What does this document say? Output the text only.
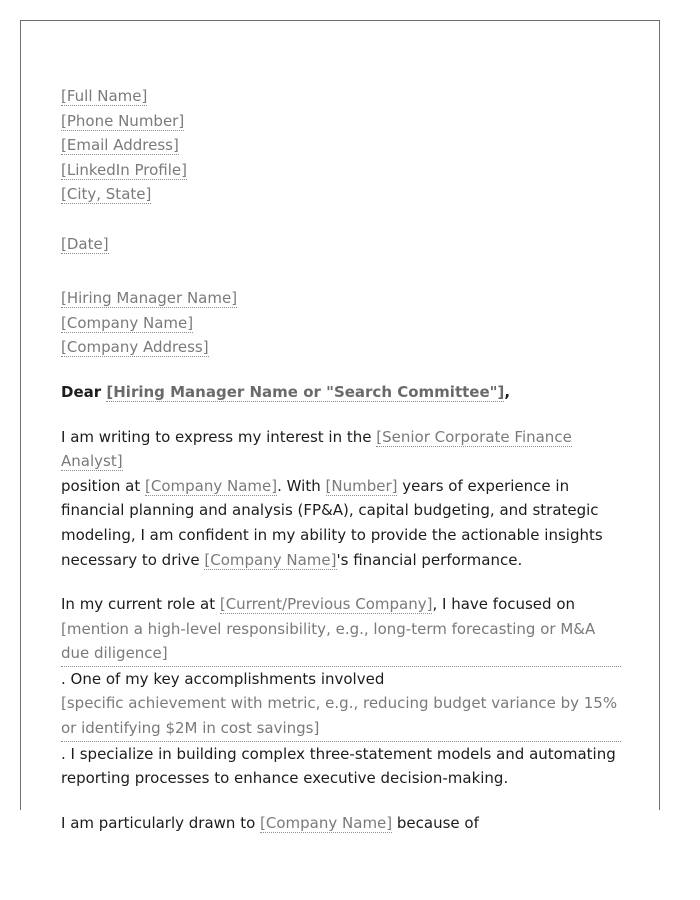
[Full Name]
[Phone Number]
[Email Address]
[LinkedIn Profile]
[City, State]
[Date]
[Hiring Manager Name]
[Company Name]
[Company Address]

Dear [Hiring Manager Name or "Search Committee"],

I am writing to express my interest in the [Senior Corporate Finance Analyst]
position at [Company Name]. With [Number] years of experience in financial planning and analysis (FP&A), capital budgeting, and strategic modeling, I am confident in my ability to provide the actionable insights necessary to drive [Company Name]'s financial performance.

In my current role at [Current/Previous Company], I have focused on
[mention a high-level responsibility, e.g., long-term forecasting or M&A due diligence]
. One of my key accomplishments involved
[specific achievement with metric, e.g., reducing budget variance by 15% or identifying $2M in cost savings]
. I specialize in building complex three-statement models and automating reporting processes to enhance executive decision-making.

I am particularly drawn to [Company Name] because of
